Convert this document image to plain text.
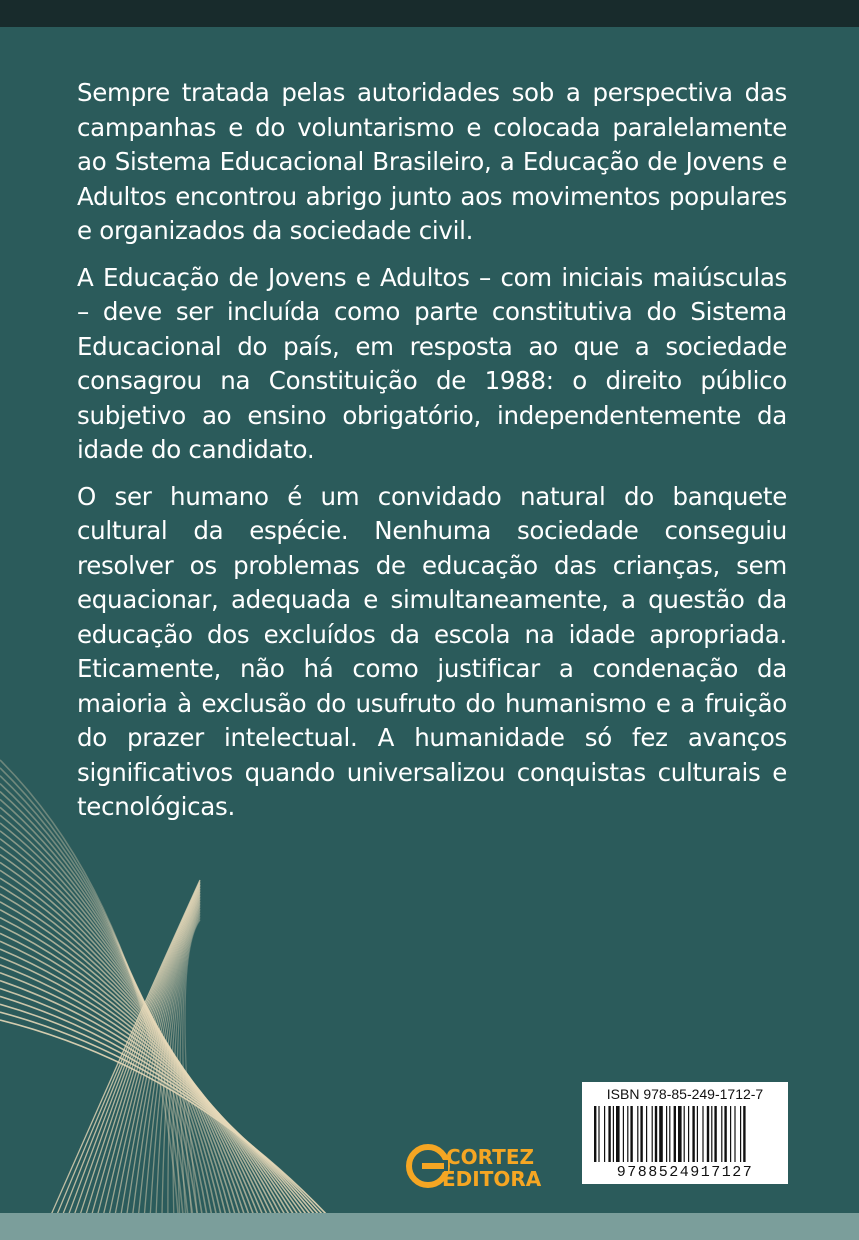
Sempre tratada pelas autoridades sob a perspectiva das campanhas e do voluntarismo e colocada paralelamente ao Sistema Educacional Brasileiro, a Educação de Jovens e Adultos encontrou abrigo junto aos movimentos populares e organizados da sociedade civil.

A Educação de Jovens e Adultos – com iniciais maiúsculas – deve ser incluída como parte constitutiva do Sistema Educacional do país, em resposta ao que a sociedade consagrou na Constituição de 1988: o direito público subjetivo ao ensino obrigatório, independentemente da idade do candidato.

O ser humano é um convidado natural do banquete cultural da espécie. Nenhuma sociedade conseguiu resolver os problemas de educação das crianças, sem equacionar, adequada e simultaneamente, a questão da educação dos excluídos da escola na idade apropriada. Eticamente, não há como justificar a condenação da maioria à exclusão do usufruto do humanismo e a fruição do prazer intelectual. A humanidade só fez avanços significativos quando universalizou conquistas culturais e tecnológicas.

CORTEZ
EDITORA
ISBN 978-85-249-1712-7
9788524917127
